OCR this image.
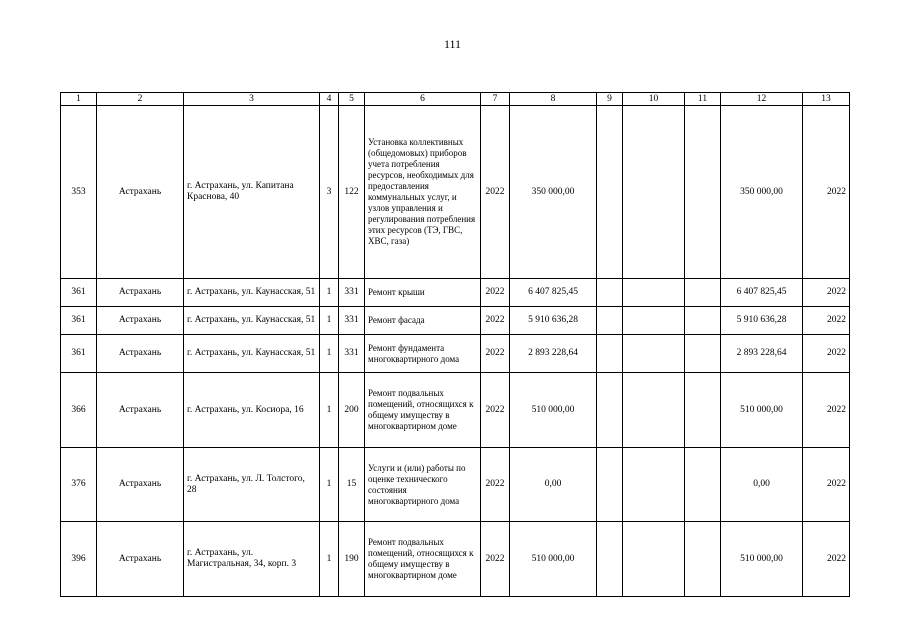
111
1	2	3	4	5	6	7	8	9	10	11	12	13
353	Астрахань	г. Астрахань, ул. Капитана Краснова, 40	3	122	Установка коллективных (общедомовых) приборов учета потребления ресурсов, необходимых для предоставления коммунальных услуг, и узлов управления и регулирования потребления этих ресурсов (ТЭ, ГВС, ХВС, газа)	2022	350 000,00				350 000,00	2022
361	Астрахань	г. Астрахань, ул. Каунасская, 51	1	331	Ремонт крыши	2022	6 407 825,45				6 407 825,45	2022
361	Астрахань	г. Астрахань, ул. Каунасская, 51	1	331	Ремонт фасада	2022	5 910 636,28				5 910 636,28	2022
361	Астрахань	г. Астрахань, ул. Каунасская, 51	1	331	Ремонт фундамента многоквартирного дома	2022	2 893 228,64				2 893 228,64	2022
366	Астрахань	г. Астрахань, ул. Косиора, 16	1	200	Ремонт подвальных помещений, относящихся к общему имуществу в многоквартирном доме	2022	510 000,00				510 000,00	2022
376	Астрахань	г. Астрахань, ул. Л. Толстого, 28	1	15	Услуги и (или) работы по оценке технического состояния многоквартирного дома	2022	0,00				0,00	2022
396	Астрахань	г. Астрахань, ул. Магистральная, 34, корп. 3	1	190	Ремонт подвальных помещений, относящихся к общему имуществу в многоквартирном доме	2022	510 000,00				510 000,00	2022
